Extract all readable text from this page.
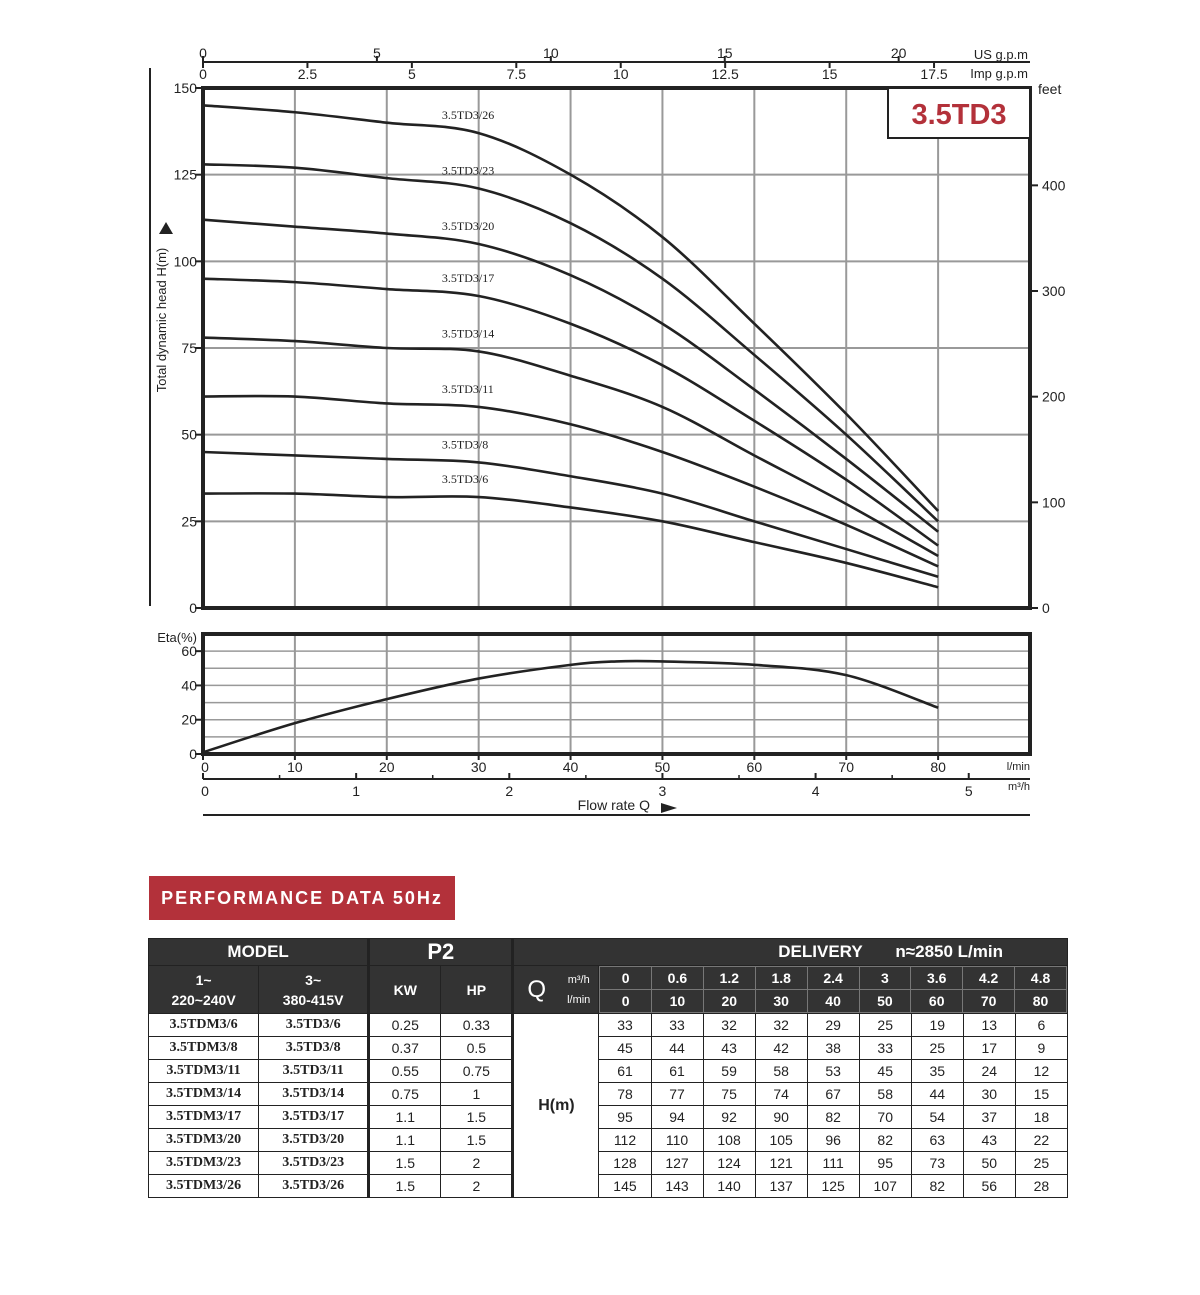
3.5TD3/26
3.5TD3/23
3.5TD3/20
3.5TD3/17
3.5TD3/14
3.5TD3/11
3.5TD3/8
3.5TD3/6
0
25
50
75
100
125
150
Total dynamic head H(m)
0
100
200
300
400
feet
0	5	10	15	20	US g.p.m
0	2.5	5	7.5	10	12.5	15	17.5 Imp g.p.m
3.5TD3
0
20
40
60
Eta(%)
0	10	20	30	40	50	60	70	80	l/min
0	1	2	3	4	5	m³/h
Flow rate Q
PERFORMANCE DATA 50Hz
MODEL	P2	DELIVERY n≈2850 L/min

1~
220~240V

3~
380-415V
	KW	HP	Q	m³/h
l/min

0	0.6	1.2	1.8	2.4	3	3.6	4.2	4.8
0	10	20	30	40	50	60	70	80

3.5TDM3/6	3.5TD3/6	0.25	0.33	H(m)	33	33	32	32	29	25	19	13	6
3.5TDM3/8	3.5TD3/8	0.37	0.5	45	44	43	42	38	33	25	17	9
3.5TDM3/11	3.5TD3/11	0.55	0.75	61	61	59	58	53	45	35	24	12
3.5TDM3/14	3.5TD3/14	0.75	1	78	77	75	74	67	58	44	30	15
3.5TDM3/17	3.5TD3/17	1.1	1.5	95	94	92	90	82	70	54	37	18
3.5TDM3/20	3.5TD3/20	1.1	1.5	112	110	108	105	96	82	63	43	22
3.5TDM3/23	3.5TD3/23	1.5	2	128	127	124	121	111	95	73	50	25
3.5TDM3/26	3.5TD3/26	1.5	2	145	143	140	137	125	107	82	56	28
